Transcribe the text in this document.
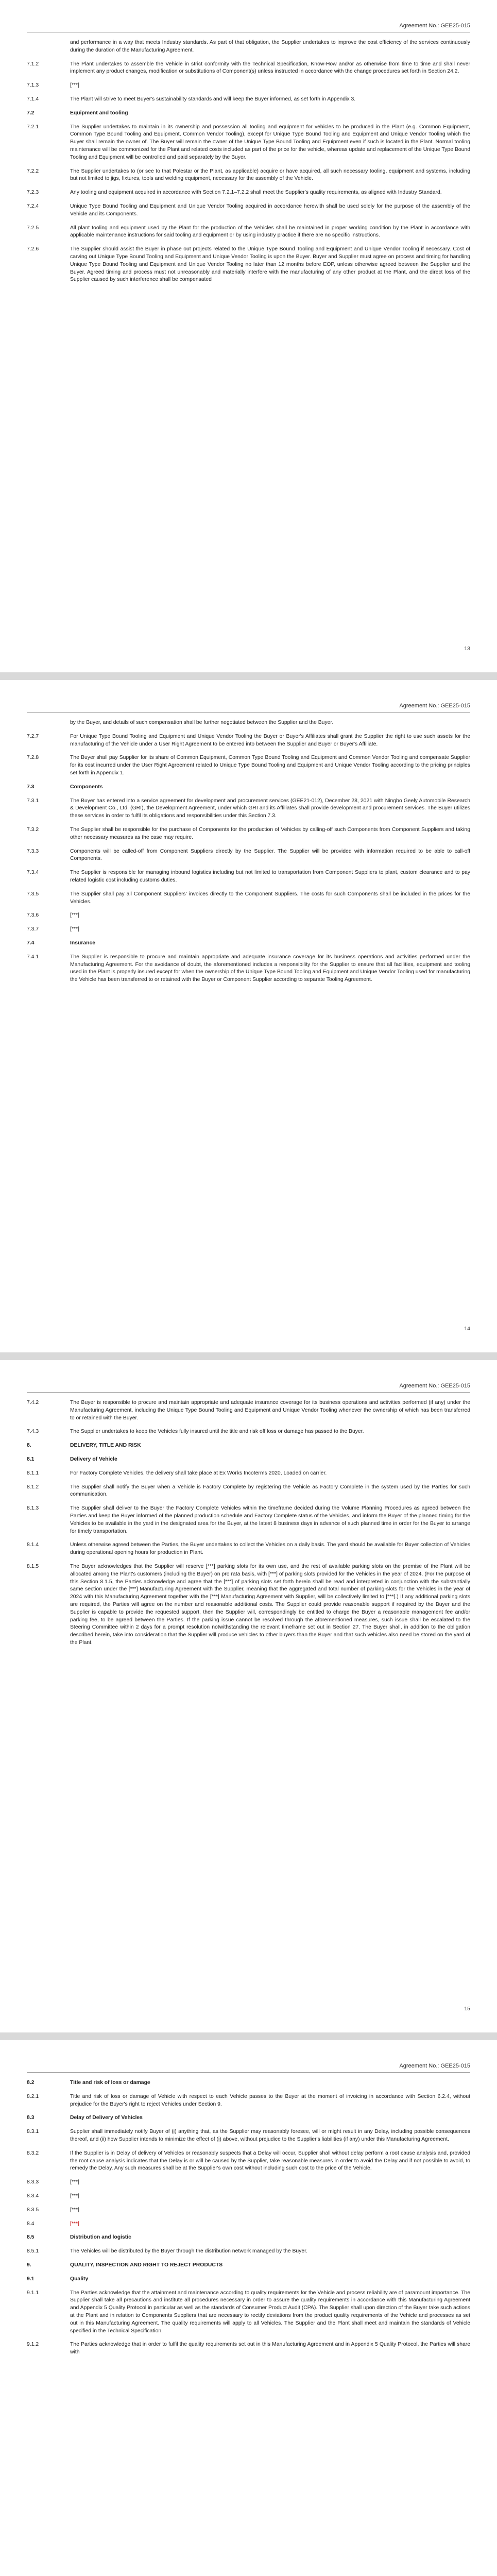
Agreement No.: GEE25-015
and performance in a way that meets Industry standards. As part of that obligation, the Supplier undertakes to improve the cost efficiency of the services continuously during the duration of the Manufacturing Agreement.
7.1.2	The Plant undertakes to assemble the Vehicle in strict conformity with the Technical Specification, Know-How and/or as otherwise from time to time and shall never implement any product changes, modification or substitutions of Component(s) unless instructed in accordance with the change procedures set forth in Section 24.2.
7.1.3	[***]
7.1.4	The Plant will strive to meet Buyer's sustainability standards and will keep the Buyer informed, as set forth in Appendix 3.
7.2	Equipment and tooling
7.2.1	The Supplier undertakes to maintain in its ownership and possession all tooling and equipment for vehicles to be produced in the Plant (e.g. Common Equipment, Common Type Bound Tooling and Equipment, Common Vendor Tooling), except for Unique Type Bound Tooling and Equipment and Unique Vendor Tooling which the Buyer shall remain the owner of. The Buyer will remain the owner of the Unique Type Bound Tooling and Equipment even if such is located in the Plant. Normal tooling maintenance will be commonized for the Plant and related costs included as part of the price for the vehicle, whereas update and replacement of the Unique Type Bound Tooling and Equipment will be controlled and paid separately by the Buyer.
7.2.2	The Supplier undertakes to (or see to that Polestar or the Plant, as applicable) acquire or have acquired, all such necessary tooling, equipment and systems, including but not limited to jigs, fixtures, tools and welding equipment, necessary for the assembly of the Vehicle.
7.2.3	Any tooling and equipment acquired in accordance with Section 7.2.1–7.2.2 shall meet the Supplier's quality requirements, as aligned with Industry Standard.
7.2.4	Unique Type Bound Tooling and Equipment and Unique Vendor Tooling acquired in accordance herewith shall be used solely for the purpose of the assembly of the Vehicle and its Components.
7.2.5	All plant tooling and equipment used by the Plant for the production of the Vehicles shall be maintained in proper working condition by the Plant in accordance with applicable maintenance instructions for said tooling and equipment or by using industry practice if there are no specific instructions.
7.2.6	The Supplier should assist the Buyer in phase out projects related to the Unique Type Bound Tooling and Equipment and Unique Vendor Tooling if necessary. Cost of carving out Unique Type Bound Tooling and Equipment and Unique Vendor Tooling is upon the Buyer. Buyer and Supplier must agree on process and timing for handling Unique Type Bound Tooling and Equipment and Unique Vendor Tooling no later than 12 months before EOP, unless otherwise agreed between the Supplier and the Buyer. Agreed timing and process must not unreasonably and materially interfere with the manufacturing of any other product at the Plant, and the direct loss of the Supplier caused by such interference shall be compensated
13
Agreement No.: GEE25-015
by the Buyer, and details of such compensation shall be further negotiated between the Supplier and the Buyer.
7.2.7	For Unique Type Bound Tooling and Equipment and Unique Vendor Tooling the Buyer or Buyer's Affiliates shall grant the Supplier the right to use such assets for the manufacturing of the Vehicle under a User Right Agreement to be entered into between the Supplier and Buyer or Buyer's Affiliate.
7.2.8	The Buyer shall pay Supplier for its share of Common Equipment, Common Type Bound Tooling and Equipment and Common Vendor Tooling and compensate Supplier for its cost incurred under the User Right Agreement related to Unique Type Bound Tooling and Equipment and Unique Vendor Tooling according to the pricing principles set forth in Appendix 1.
7.3	Components
7.3.1	The Buyer has entered into a service agreement for development and procurement services (GEE21-012), December 28, 2021 with Ningbo Geely Automobile Research & Development Co., Ltd. (GRI), the Development Agreement, under which GRI and its Affiliates shall provide development and procurement services. The Buyer utilizes these services in order to fulfil its obligations and responsibilities under this Section 7.3.
7.3.2	The Supplier shall be responsible for the purchase of Components for the production of Vehicles by calling-off such Components from Component Suppliers and taking other necessary measures as the case may require.
7.3.3	Components will be called-off from Component Suppliers directly by the Supplier. The Supplier will be provided with information required to be able to call-off Components.
7.3.4	The Supplier is responsible for managing inbound logistics including but not limited to transportation from Component Suppliers to plant, custom clearance and to pay related logistic cost including customs duties.
7.3.5	The Supplier shall pay all Component Suppliers' invoices directly to the Component Suppliers. The costs for such Components shall be included in the prices for the Vehicles.
7.3.6	[***]
7.3.7	[***]
7.4	Insurance
7.4.1	The Supplier is responsible to procure and maintain appropriate and adequate insurance coverage for its business operations and activities performed under the Manufacturing Agreement. For the avoidance of doubt, the aforementioned includes a responsibility for the Supplier to ensure that all facilities, equipment and tooling used in the Plant is properly insured except for when the ownership of the Unique Type Bound Tooling and Equipment and Unique Vendor Tooling used for manufacturing the Vehicle has been transferred to or retained with the Buyer or Component Supplier according to separate Tooling Agreement.
14
Agreement No.: GEE25-015
7.4.2	The Buyer is responsible to procure and maintain appropriate and adequate insurance coverage for its business operations and activities performed (if any) under the Manufacturing Agreement, including the Unique Type Bound Tooling and Equipment and Unique Vendor Tooling whenever the ownership of which has been transferred to or retained with the Buyer.
7.4.3	The Supplier undertakes to keep the Vehicles fully insured until the title and risk off loss or damage has passed to the Buyer.
8.	DELIVERY, TITLE AND RISK
8.1	Delivery of Vehicle
8.1.1	For Factory Complete Vehicles, the delivery shall take place at Ex Works Incoterms 2020, Loaded on carrier.
8.1.2	The Supplier shall notify the Buyer when a Vehicle is Factory Complete by registering the Vehicle as Factory Complete in the system used by the Parties for such communication.
8.1.3	The Supplier shall deliver to the Buyer the Factory Complete Vehicles within the timeframe decided during the Volume Planning Procedures as agreed between the Parties and keep the Buyer informed of the planned production schedule and Factory Complete status of the Vehicles, and inform the Buyer of the planned timing for the Vehicles to be available in the yard in the designated area for the Buyer, at the latest 8 business days in advance of such planned time in order for the Buyer to arrange for timely transportation.
8.1.4	Unless otherwise agreed between the Parties, the Buyer undertakes to collect the Vehicles on a daily basis. The yard should be available for Buyer collection of Vehicles during operational opening hours for production in Plant.
8.1.5	The Buyer acknowledges that the Supplier will reserve [***] parking slots for its own use, and the rest of available parking slots on the premise of the Plant will be allocated among the Plant's customers (including the Buyer) on pro rata basis, with [***] of parking slots provided for the Vehicles in the year of 2024. (For the purpose of this Section 8.1.5, the Parties acknowledge and agree that the [***] of parking slots set forth herein shall be read and interpreted in conjunction with the substantially same section under the [***] Manufacturing Agreement with the Supplier, meaning that the aggregated and total number of parking-slots for the Vehicles in the year of 2024 with this Manufacturing Agreement together with the [***] Manufacturing Agreement with Supplier, will be collectively limited to [***].) If any additional parking slots are required, the Parties will agree on the number and reasonable additional costs. The Supplier could provide reasonable support if required by the Buyer and the Supplier is capable to provide the requested support, then the Supplier will, correspondingly be entitled to charge the Buyer a reasonable management fee and/or parking fee, to be agreed between the Parties. If the parking issue cannot be resolved through the aforementioned measures, such issue shall be escalated to the Steering Committee within 2 days for a prompt resolution notwithstanding the relevant timeframe set out in Section 27. The Buyer shall, in addition to the obligation described herein, take into consideration that the Supplier will produce vehicles to other buyers than the Buyer and that such vehicles also need be stored on the yard of the Plant.
15
Agreement No.: GEE25-015
8.2	Title and risk of loss or damage
8.2.1	Title and risk of loss or damage of Vehicle with respect to each Vehicle passes to the Buyer at the moment of invoicing in accordance with Section 6.2.4, without prejudice for the Buyer's right to reject Vehicles under Section 9.
8.3	Delay of Delivery of Vehicles
8.3.1	Supplier shall immediately notify Buyer of (i) anything that, as the Supplier may reasonably foresee, will or might result in any Delay, including possible consequences thereof, and (ii) how Supplier intends to minimize the effect of (i) above, without prejudice to the Supplier's liabilities (if any) under this Manufacturing Agreement.
8.3.2	If the Supplier is in Delay of delivery of Vehicles or reasonably suspects that a Delay will occur, Supplier shall without delay perform a root cause analysis and, provided the root cause analysis indicates that the Delay is or will be caused by the Supplier, take reasonable measures in order to avoid the Delay and if not possible to avoid, to remedy the Delay. Any such measures shall be at the Supplier's own cost without including such cost to the price of the Vehicle.
8.3.3	[***]
8.3.4	[***]
8.3.5	[***]
8.4	[***]
8.5	Distribution and logistic
8.5.1	The Vehicles will be distributed by the Buyer through the distribution network managed by the Buyer.
9.	QUALITY, INSPECTION AND RIGHT TO REJECT PRODUCTS
9.1	Quality
9.1.1	The Parties acknowledge that the attainment and maintenance according to quality requirements for the Vehicle and process reliability are of paramount importance. The Supplier shall take all precautions and institute all procedures necessary in order to assure the quality requirements in accordance with this Manufacturing Agreement and Appendix 5 Quality Protocol in particular as well as the standards of Consumer Product Audit (CPA). The Supplier shall upon direction of the Buyer take such actions at the Plant and in relation to Components Suppliers that are necessary to rectify deviations from the product quality requirements of the Vehicle and processes as set out in this Manufacturing Agreement. The quality requirements will apply to all Vehicles. The Supplier and the Plant shall meet and maintain the standards of Vehicle specified in the Technical Specification.
9.1.2	The Parties acknowledge that in order to fulfil the quality requirements set out in this Manufacturing Agreement and in Appendix 5 Quality Protocol, the Parties will share with
